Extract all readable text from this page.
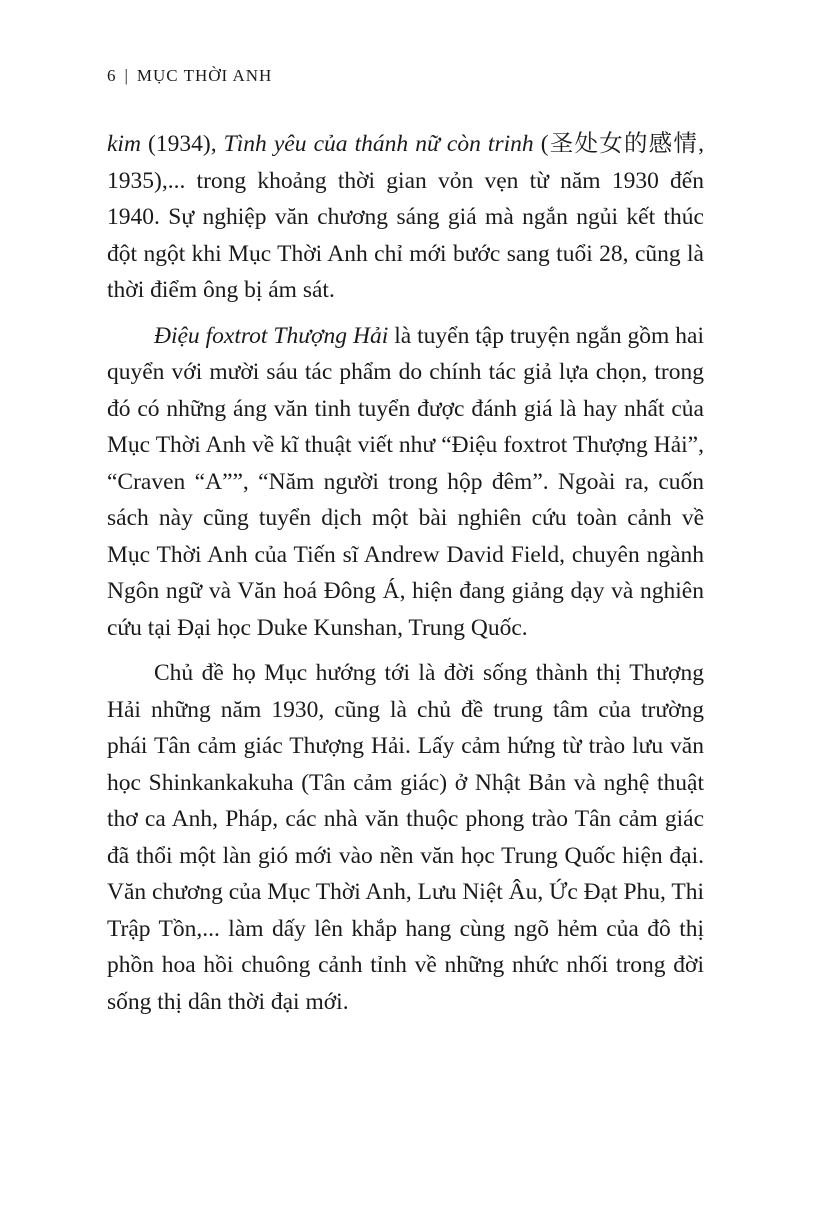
6 | MỤC THỜI ANH

kim (1934), Tình yêu của thánh nữ còn trinh (圣处女的感情, 1935),... trong khoảng thời gian vỏn vẹn từ năm 1930 đến 1940. Sự nghiệp văn chương sáng giá mà ngắn ngủi kết thúc đột ngột khi Mục Thời Anh chỉ mới bước sang tuổi 28, cũng là thời điểm ông bị ám sát.

Điệu foxtrot Thượng Hải là tuyển tập truyện ngắn gồm hai quyển với mười sáu tác phẩm do chính tác giả lựa chọn, trong đó có những áng văn tinh tuyển được đánh giá là hay nhất của Mục Thời Anh về kĩ thuật viết như “Điệu foxtrot Thượng Hải”, “Craven “A””, “Năm người trong hộp đêm”. Ngoài ra, cuốn sách này cũng tuyển dịch một bài nghiên cứu toàn cảnh về Mục Thời Anh của Tiến sĩ Andrew David Field, chuyên ngành Ngôn ngữ và Văn hoá Đông Á, hiện đang giảng dạy và nghiên cứu tại Đại học Duke Kunshan, Trung Quốc.

Chủ đề họ Mục hướng tới là đời sống thành thị Thượng Hải những năm 1930, cũng là chủ đề trung tâm của trường phái Tân cảm giác Thượng Hải. Lấy cảm hứng từ trào lưu văn học Shinkankakuha (Tân cảm giác) ở Nhật Bản và nghệ thuật thơ ca Anh, Pháp, các nhà văn thuộc phong trào Tân cảm giác đã thổi một làn gió mới vào nền văn học Trung Quốc hiện đại. Văn chương của Mục Thời Anh, Lưu Niệt Âu, Ức Đạt Phu, Thi Trập Tồn,... làm dấy lên khắp hang cùng ngõ hẻm của đô thị phồn hoa hồi chuông cảnh tỉnh về những nhức nhối trong đời sống thị dân thời đại mới.
